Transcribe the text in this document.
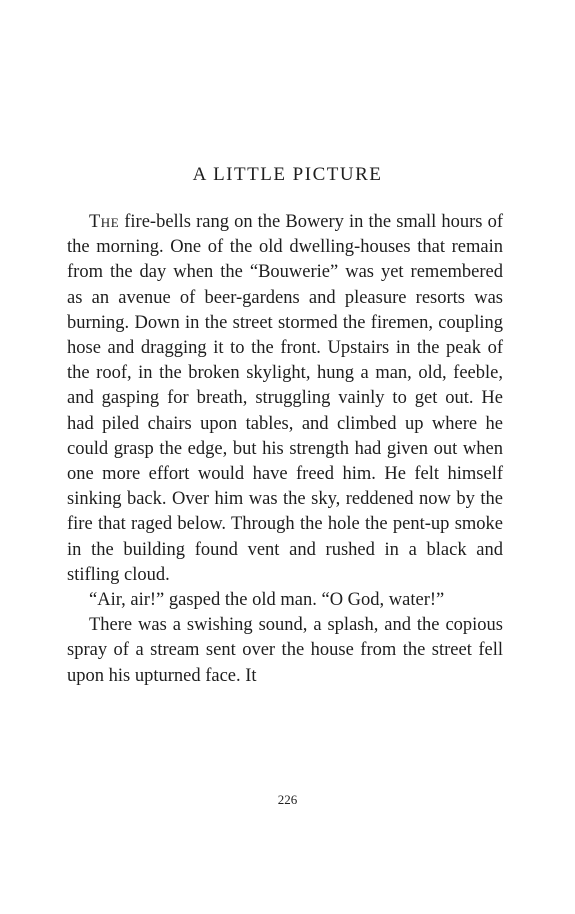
A LITTLE PICTURE

The fire-bells rang on the Bowery in the small hours of the morning. One of the old dwelling-houses that remain from the day when the “Bouwerie” was yet remembered as an avenue of beer-gardens and pleasure resorts was burning. Down in the street stormed the firemen, coupling hose and dragging it to the front. Upstairs in the peak of the roof, in the broken skylight, hung a man, old, feeble, and gasping for breath, struggling vainly to get out. He had piled chairs upon tables, and climbed up where he could grasp the edge, but his strength had given out when one more effort would have freed him. He felt himself sinking back. Over him was the sky, reddened now by the fire that raged below. Through the hole the pent-up smoke in the building found vent and rushed in a black and stifling cloud.

“Air, air!” gasped the old man. “O God, water!”

There was a swishing sound, a splash, and the copious spray of a stream sent over the house from the street fell upon his upturned face. It

226
